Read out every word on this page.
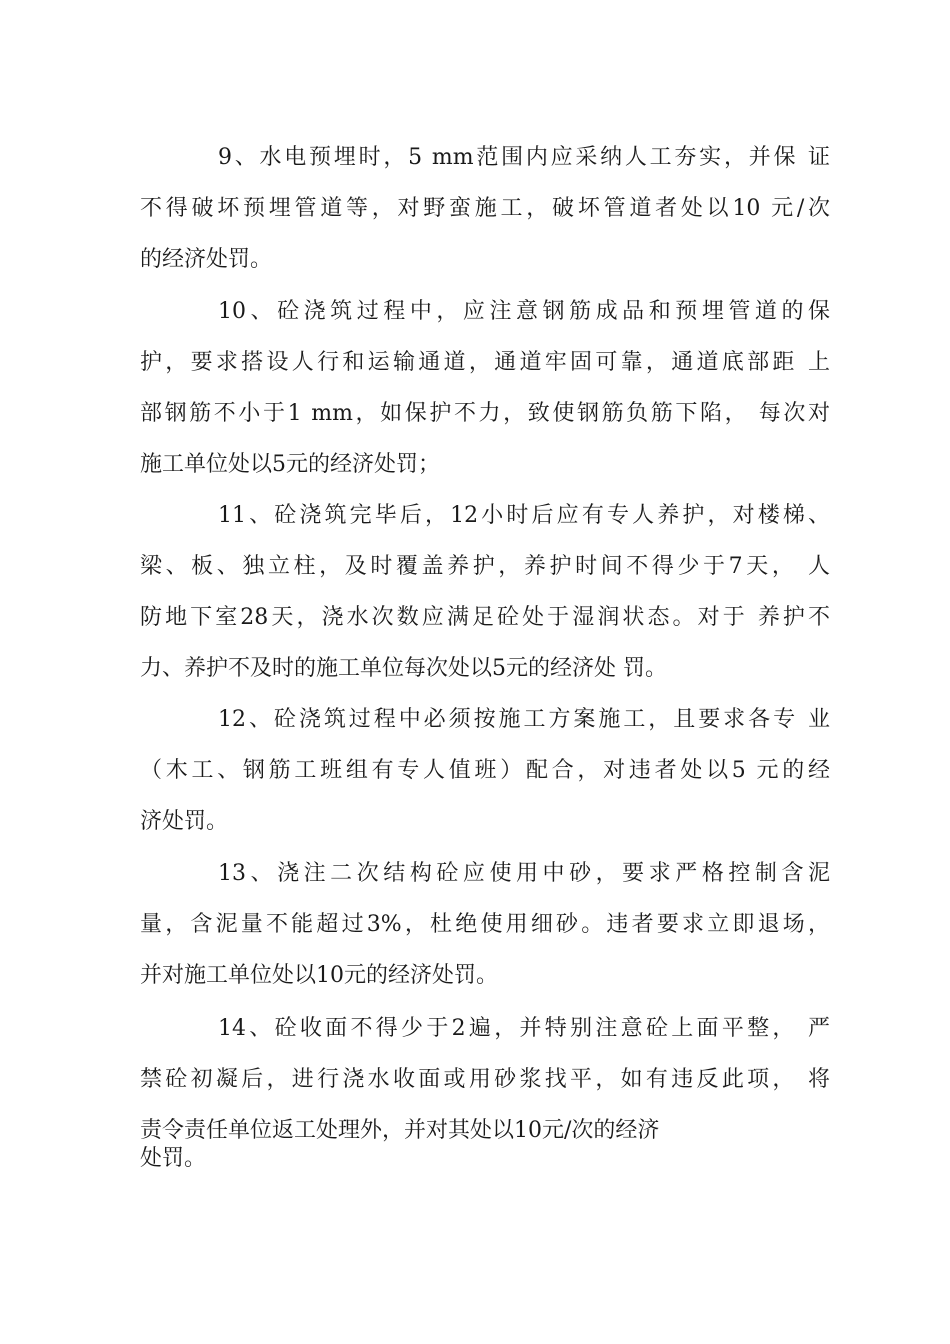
9、水电预埋时，5 mm范围内应采纳人工夯实，并保 证
不得破坏预埋管道等，对野蛮施工，破坏管道者处以10 元/次
的经济处罚。
10、砼浇筑过程中，应注意钢筋成品和预埋管道的保
护，要求搭设人行和运输通道，通道牢固可靠，通道底部距 上
部钢筋不小于1 mm，如保护不力，致使钢筋负筋下陷， 每次对
施工单位处以5元的经济处罚；
11、砼浇筑完毕后，12小时后应有专人养护，对楼梯、
梁、板、独立柱，及时覆盖养护，养护时间不得少于7天， 人
防地下室28天，浇水次数应满足砼处于湿润状态。对于 养护不
力、养护不及时的施工单位每次处以5元的经济处 罚。
12、砼浇筑过程中必须按施工方案施工，且要求各专 业
（木工、钢筋工班组有专人值班）配合，对违者处以5 元的经
济处罚。
13、浇注二次结构砼应使用中砂，要求严格控制含泥
量，含泥量不能超过3%，杜绝使用细砂。违者要求立即退场，
并对施工单位处以10元的经济处罚。
14、砼收面不得少于2遍，并特别注意砼上面平整， 严
禁砼初凝后，进行浇水收面或用砂浆找平，如有违反此项， 将
责令责任单位返工处理外，并对其处以10元/次的经济
处罚。
